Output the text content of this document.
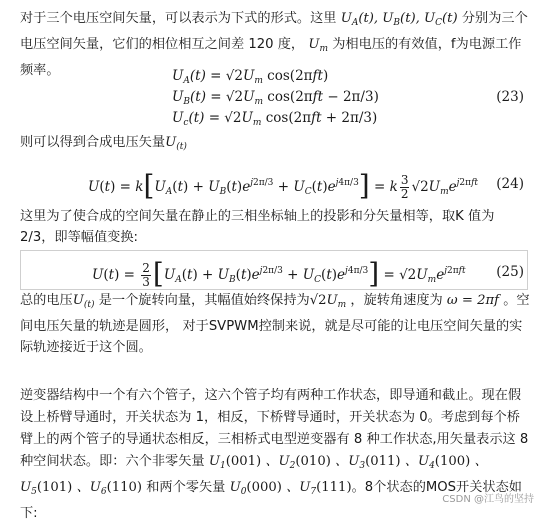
对于三个电压空间矢量，可以表示为下式的形式。这里 $U_A(t)$, $U_B(t)$, $U_C(t)$ 分别为三个电压空间矢量，它们的相位相互之间差 120 度， $U_m$ 为相电压的有效值，f为电源工作频率。	$U_A(t) = √2U_m$ cos(2πft)
$U_B(t) = √2U_m$ cos(2πft − 2π/3)
$U_c(t) = √2U_m$ cos(2πft + 2π/3)
(23)

则可以得到合成电压矢量$U_{(t)}$

$U(t) = k[U_A(t) + U_B(t)e^{j2\pi/3} + U_C(t)e^{j4\pi/3}] = k \frac{3}{2} √2U_me^{j2\pi ft}$ (24)

这里为了使合成的空间矢量在静止的三相坐标轴上的投影和分矢量相等，取K 值为 2/3，即等幅值变换:

$U(t) = \frac{2}{3} [U_A(t) + U_B(t)e^{j2\pi/3} + U_C(t)e^{j4\pi/3}] = √2U_me^{j2\pi ft}$ (25)

总的电压$U_{(t)}$ 是一个旋转向量，其幅值始终保持为$√2U_m$ ，旋转角速度为 ω = 2πf 。空间电压矢量的轨迹是圆形， 对于SVPWM控制来说，就是尽可能的让电压空间矢量的实际轨迹接近于这个圆。

逆变器结构中一个有六个管子，这六个管子均有两种工作状态，即导通和截止。现在假设上桥臂导通时，开关状态为 1，相反，下桥臂导通时，开关状态为 0。考虑到每个桥臂上的两个管子的导通状态相反，三相桥式电型逆变器有 8 种工作状态,用矢量表示这 8 种空间状态。即：六个非零矢量 $U_1(001)$ 、$U_2(010)$ 、$U_3(011)$ 、$U_4(100)$ 、$U_5(101)$ 、$U_6(110)$ 和两个零矢量 $U_0(000)$ 、$U_7(111)$。8个状态的MOS开关状态如下:

CSDN @江鸟的坚持
